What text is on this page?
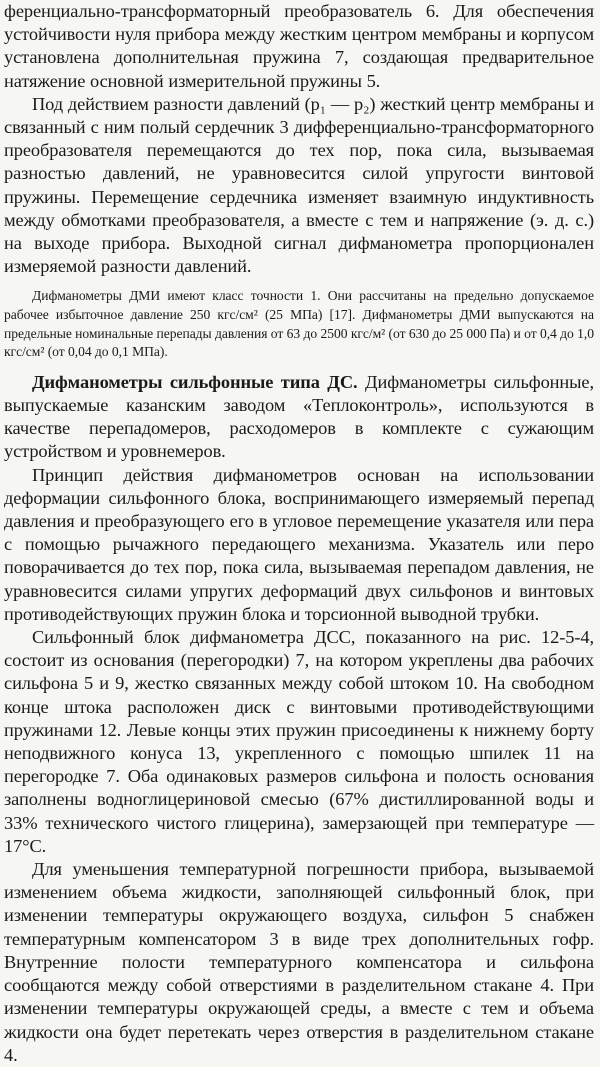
ференциально-трансформаторный преобразователь 6. Для обеспечения устойчивости нуля прибора между жестким центром мембраны и корпусом установлена дополнительная пружина 7, создающая предварительное натяжение основной измерительной пружины 5.

Под действием разности давлений (p₁ — p₂) жесткий центр мембраны и связанный с ним полый сердечник 3 дифференциально-трансформаторного преобразователя перемещаются до тех пор, пока сила, вызываемая разностью давлений, не уравновесится силой упругости винтовой пружины. Перемещение сердечника изменяет взаимную индуктивность между обмотками преобразователя, а вместе с тем и напряжение (э. д. с.) на выходе прибора. Выходной сигнал дифманометра пропорционален измеряемой разности давлений.

Дифманометры ДМИ имеют класс точности 1. Они рассчитаны на предельно допускаемое рабочее избыточное давление 250 кгс/см² (25 МПа) [17]. Дифманометры ДМИ выпускаются на предельные номинальные перепады давления от 63 до 2500 кгс/м² (от 630 до 25 000 Па) и от 0,4 до 1,0 кгс/см² (от 0,04 до 0,1 МПа).

Дифманометры сильфонные типа ДС. Дифманометры сильфонные, выпускаемые казанским заводом «Теплоконтроль», используются в качестве перепадомеров, расходомеров в комплекте с сужающим устройством и уровнемеров.

Принцип действия дифманометров основан на использовании деформации сильфонного блока, воспринимающего измеряемый перепад давления и преобразующего его в угловое перемещение указателя или пера с помощью рычажного передающего механизма. Указатель или перо поворачивается до тех пор, пока сила, вызываемая перепадом давления, не уравновесится силами упругих деформаций двух сильфонов и винтовых противодействующих пружин блока и торсионной выводной трубки.

Сильфонный блок дифманометра ДСС, показанного на рис. 12-5-4, состоит из основания (перегородки) 7, на котором укреплены два рабочих сильфона 5 и 9, жестко связанных между собой штоком 10. На свободном конце штока расположен диск с винтовыми противодействующими пружинами 12. Левые концы этих пружин присоединены к нижнему борту неподвижного конуса 13, укрепленного с помощью шпилек 11 на перегородке 7. Оба одинаковых размеров сильфона и полость основания заполнены водноглицериновой смесью (67% дистиллированной воды и 33% технического чистого глицерина), замерзающей при температуре — 17°С.

Для уменьшения температурной погрешности прибора, вызываемой изменением объема жидкости, заполняющей сильфонный блок, при изменении температуры окружающего воздуха, сильфон 5 снабжен температурным компенсатором 3 в виде трех дополнительных гофр. Внутренние полости температурного компенсатора и сильфона сообщаются между собой отверстиями в разделительном стакане 4. При изменении температуры окружающей среды, а вместе с тем и объема жидкости она будет перетекать через отверстия в разделительном стакане 4.
